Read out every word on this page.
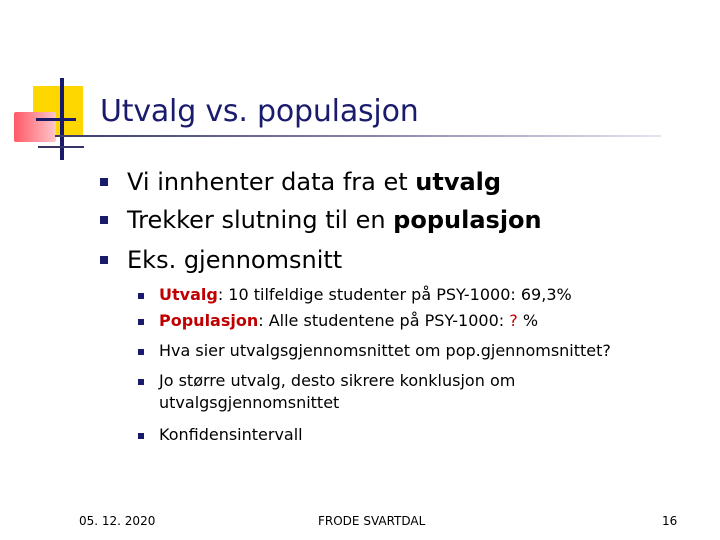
Utvalg vs. populasjon
Vi innhenter data fra et utvalg
Trekker slutning til en populasjon
Eks. gjennomsnitt
Utvalg: 10 tilfeldige studenter på PSY-1000: 69,3%
Populasjon: Alle studentene på PSY-1000: ? %
Hva sier utvalgsgjennomsnittet om pop.gjennomsnittet?
Jo større utvalg, desto sikrere konklusjon om
utvalgsgjennomsnittet
Konfidensintervall
05. 12. 2020	FRODE SVARTDAL	16
